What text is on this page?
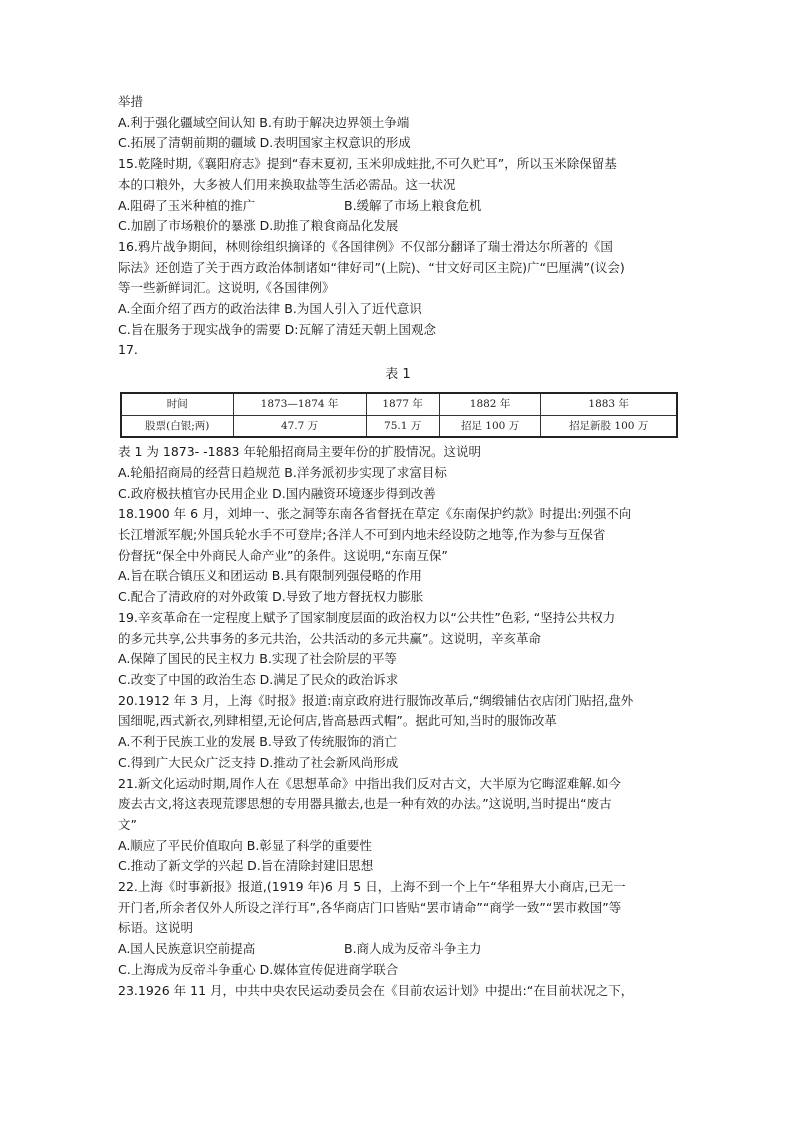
举措
A.利于强化疆域空间认知 B.有助于解决边界领土争端
C.拓展了清朝前期的疆域 D.表明国家主权意识的形成
15.乾隆时期,《襄阳府志》提到“春末夏初, 玉米卯成蛀批,不可久贮耳”，所以玉米除保留基
本的口粮外，大多被人们用来换取盐等生活必需品。这一状况
A.阻碍了玉米种植的推广	B.缓解了市场上粮食危机
C.加剧了市场粮价的暴涨 D.助推了粮食商品化发展
16.鸦片战争期间，林则徐组织摘译的《各国律例》不仅部分翻译了瑞士滑达尔所著的《国
际法》还创造了关于西方政治体制诸如“律好司”(上院)、“甘文好司区主院)广“巴厘满”(议会)
等一些新鲜词汇。这说明,《各国律例》
A.全面介绍了西方的政治法律 B.为国人引入了近代意识
C.旨在服务于现实战争的需要 D:瓦解了清廷天朝上国观念
17.
表 1
时间	1873—1874 年	1877 年	1882 年	1883 年
股票(白银;两)	47.7 万	75.1 万	招足 100 万	招足新股 100 万
表 1 为 1873- -1883 年轮船招商局主要年份的扩股情况。这说明
A.轮船招商局的经营日趋规范 B.洋务派初步实现了求富目标
C.政府极扶植官办民用企业 D.国内融资环境逐步得到改善
18.1900 年 6 月，刘坤一、张之洞等东南各省督抚在草定《东南保护约款》时提出:列强不向
长江增派军舰;外国兵轮水手不可登岸;各洋人不可到内地未经设防之地等,作为参与互保省
份督抚“保全中外商民人命产业”的条件。这说明,“东南互保”
A.旨在联合镇压义和团运动 B.具有限制列强侵略的作用
C.配合了清政府的对外政策 D.导致了地方督抚权力膨胀
19.辛亥革命在一定程度上赋予了国家制度层面的政治权力以“公共性”色彩, “坚持公共权力
的多元共享,公共事务的多元共治，公共活动的多元共赢”。这说明，辛亥革命
A.保障了国民的民主权力 B.实现了社会阶层的平等
C.改变了中国的政治生态 D.满足了民众的政治诉求
20.1912 年 3 月，上海《时报》报道:南京政府进行服饰改革后,“绸缎铺估衣店闭门贴招,盘外
国细呢,西式新衣,列肆相望,无论何店,皆高悬西式帽”。据此可知,当时的服饰改革
A.不利于民族工业的发展 B.导致了传统服饰的消亡
C.得到广大民众广泛支持 D.推动了社会新风尚形成
21.新文化运动时期,周作人在《思想革命》中指出我们反对古文，大半原为它晦涩难解.如今
废去古文,将这表现荒谬思想的专用器具撤去,也是一种有效的办法。”这说明,当时提出“废古
文”
A.顺应了平民价值取向 B.彰显了科学的重要性
C.推动了新文学的兴起 D.旨在清除封建旧思想
22.上海《时事新报》报道,(1919 年)6 月 5 日，上海不到一个上午“华租界大小商店,已无一
开门者,所余者仅外人所设之洋行耳”,各华商店门口皆贴“罢市请命”“商学一致”“罢市救国”等
标语。这说明
A.国人民族意识空前提高	B.商人成为反帝斗争主力
C.上海成为反帝斗争重心 D.媒体宣传促进商学联合
23.1926 年 11 月，中共中央农民运动委员会在《目前农运计划》中提出:“在目前状况之下，
